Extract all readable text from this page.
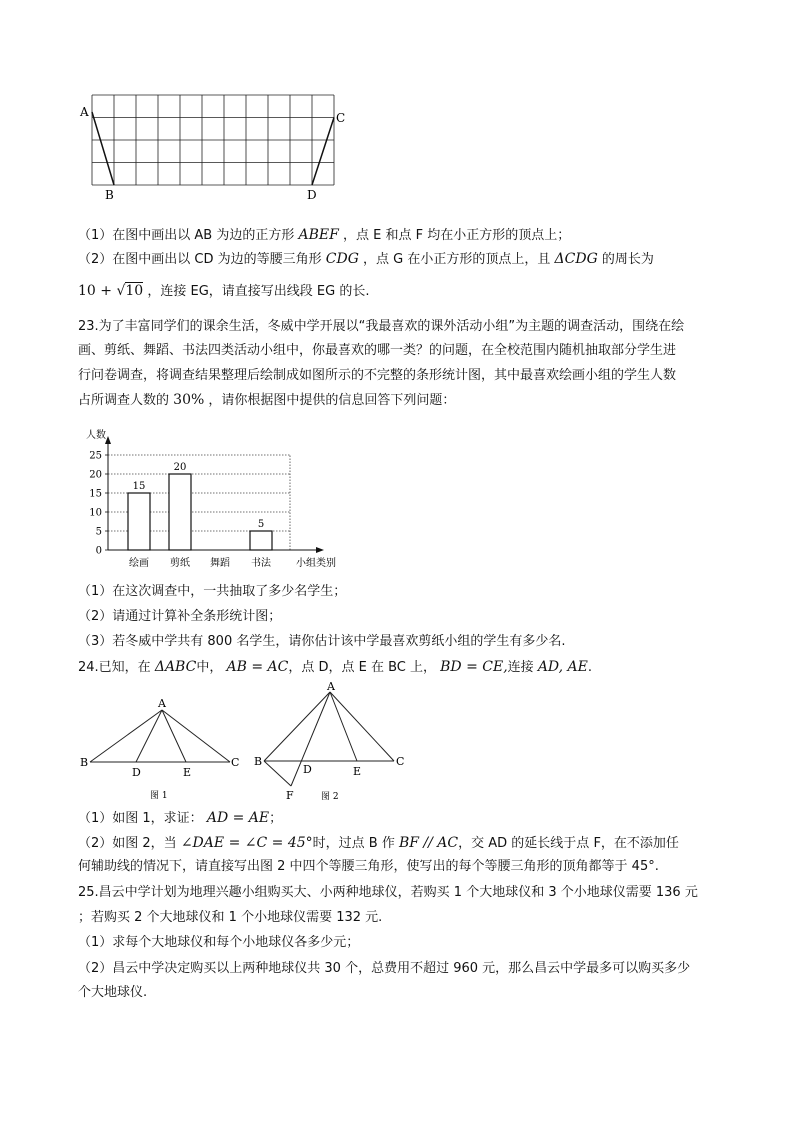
A
B
C
D
（1）在图中画出以 AB 为边的正方形 ABEF ，点 E 和点 F 均在小正方形的顶点上；
（2）在图中画出以 CD 为边的等腰三角形 CDG ，点 G 在小正方形的顶点上，且 ΔCDG 的周长为
10 + √10 ，连接 EG，请直接写出线段 EG 的长.
23.为了丰富同学们的课余生活，冬威中学开展以“我最喜欢的课外活动小组”为主题的调查活动，围绕在绘
画、剪纸、舞蹈、书法四类活动小组中，你最喜欢的哪一类？的问题，在全校范围内随机抽取部分学生进
行问卷调查，将调查结果整理后绘制成如图所示的不完整的条形统计图，其中最喜欢绘画小组的学生人数
占所调查人数的 30% ，请你根据图中提供的信息回答下列问题：
0
5
10
15
20
25
人数
小组类别
15
绘画
20
剪纸 舞蹈
5
书法
（1）在这次调查中，一共抽取了多少名学生；
（2）请通过计算补全条形统计图；
（3）若冬威中学共有 800 名学生，请你估计该中学最喜欢剪纸小组的学生有多少名.
24.已知，在 ΔABC中， AB = AC，点 D，点 E 在 BC 上， BD = CE,连接 AD, AE.
A
B	C
D	E
图 1
A
B	C
D	E
F	图 2
（1）如图 1，求证： AD = AE；
（2）如图 2，当 ∠DAE = ∠C = 45°时，过点 B 作 BF // AC，交 AD 的延长线于点 F，在不添加任
何辅助线的情况下，请直接写出图 2 中四个等腰三角形，使写出的每个等腰三角形的顶角都等于 45°.
25.昌云中学计划为地理兴趣小组购买大、小两种地球仪，若购买 1 个大地球仪和 3 个小地球仪需要 136 元
；若购买 2 个大地球仪和 1 个小地球仪需要 132 元.
（1）求每个大地球仪和每个小地球仪各多少元；
（2）昌云中学决定购买以上两种地球仪共 30 个，总费用不超过 960 元，那么昌云中学最多可以购买多少
个大地球仪.
